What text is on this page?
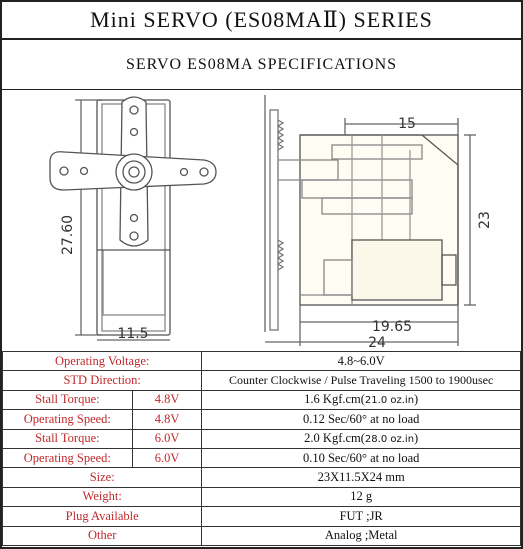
Mini SERVO (ES08MAⅡ) SERIES
SERVO ES08MA SPECIFICATIONS
27.60
11.5
15
23
19.65
24
Operating Voltage:		4.8~6.0V
STD Direction:		Counter Clockwise / Pulse Traveling 1500 to 1900usec
Stall Torque:	4.8V	1.6 Kgf.cm(21.0 oz.in)
Operating Speed:	4.8V	0.12 Sec/60° at no load
Stall Torque:	6.0V	2.0 Kgf.cm(28.0 oz.in)
Operating Speed:	6.0V	0.10 Sec/60° at no load
Size:		23X11.5X24 mm
Weight:		12 g
Plug Available		FUT ;JR
Other		Analog ;Metal
